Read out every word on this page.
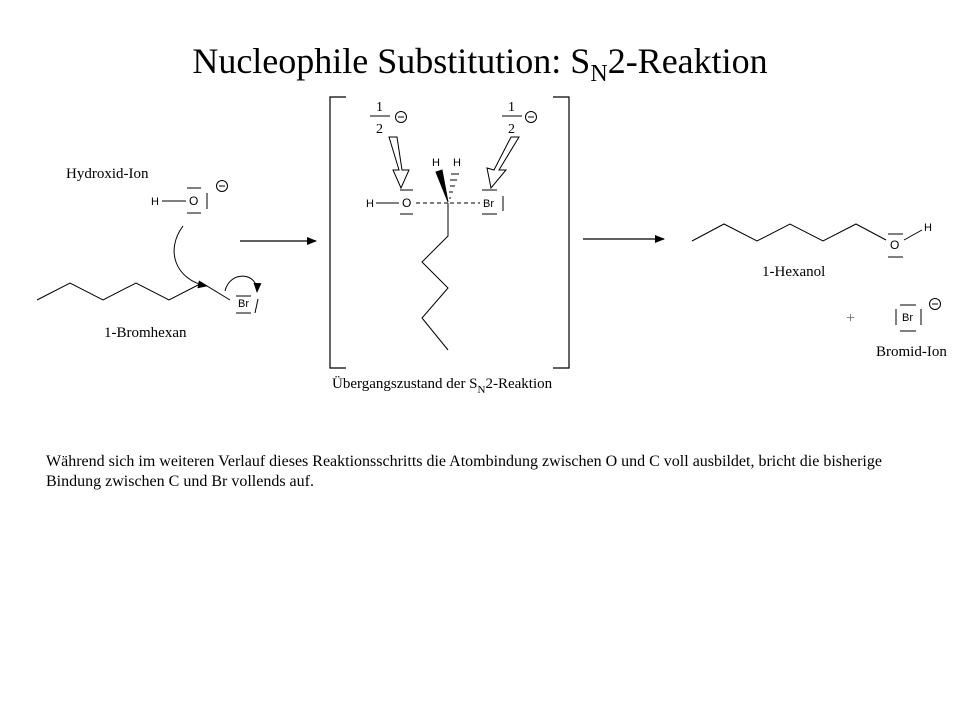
Nucleophile Substitution: $S_N2$-Reaktion
Hydroxid-Ion
H	O
Br
1-Bromhexan
1
2
1
2
H O	Br
H H
Übergangszustand der $S_N2$-Reaktion
O
H
1-Hexanol
+	Br
Bromid-Ion

Während sich im weiteren Verlauf dieses Reaktionsschritts die Atombindung zwischen O und C voll ausbildet, bricht die bisherige Bindung zwischen C und Br vollends auf.
